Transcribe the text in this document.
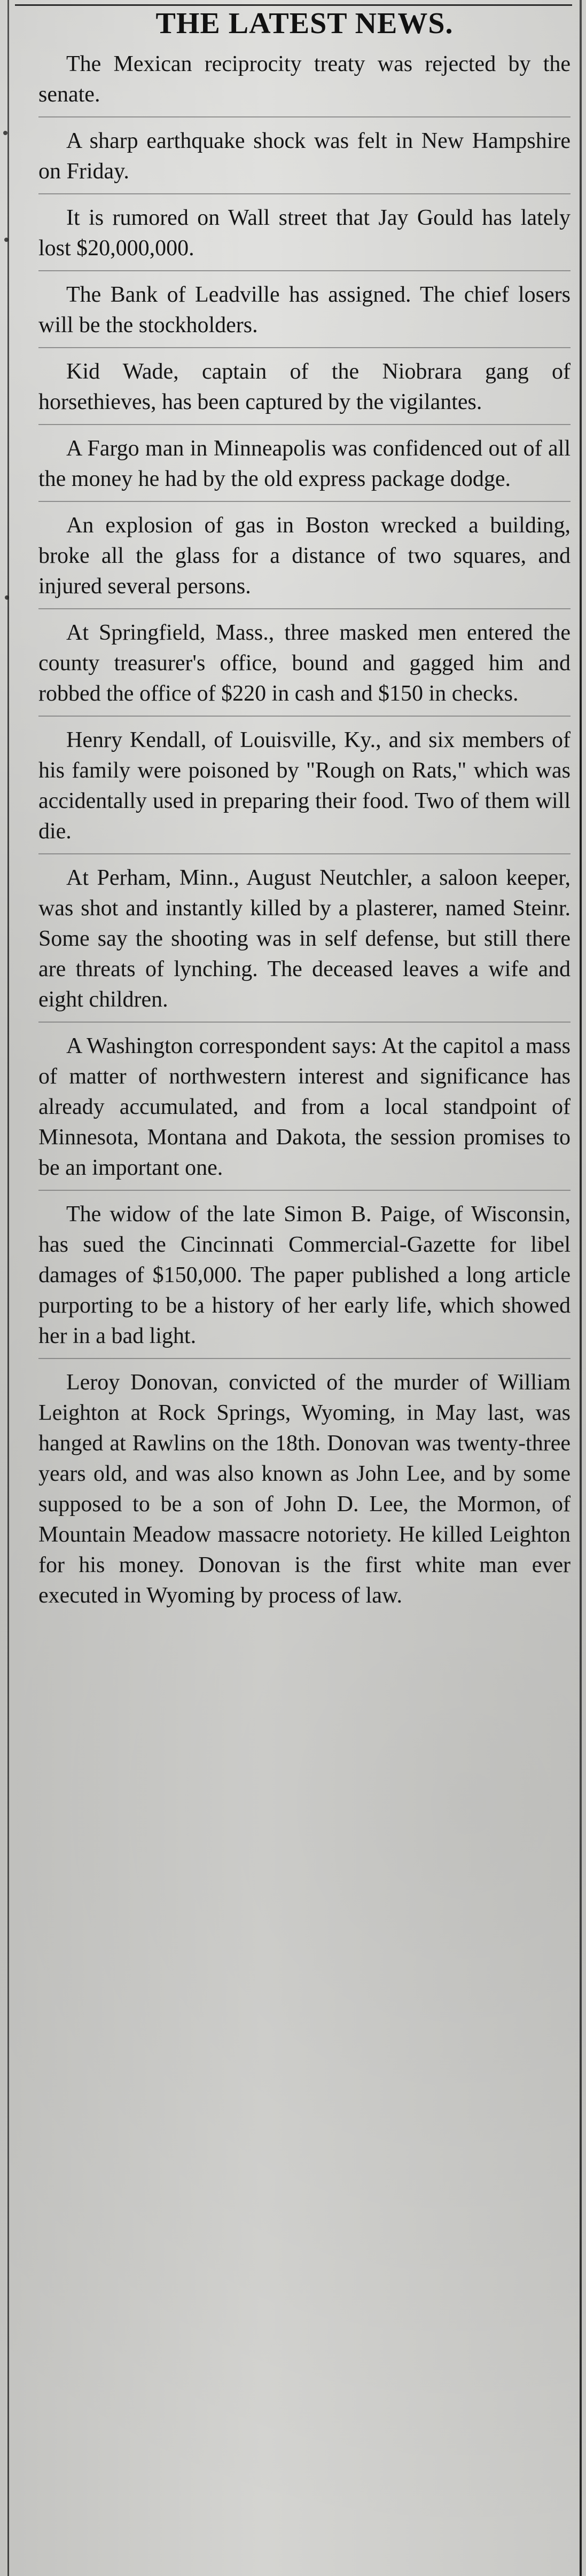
THE LATEST NEWS.

The Mexican reciprocity treaty was rejected by the senate.

A sharp earthquake shock was felt in New Hampshire on Friday.

It is rumored on Wall street that Jay Gould has lately lost $20,000,000.

The Bank of Leadville has assigned. The chief losers will be the stockholders.

Kid Wade, captain of the Niobrara gang of horsethieves, has been captured by the vigilantes.

A Fargo man in Minneapolis was confidenced out of all the money he had by the old express package dodge.

An explosion of gas in Boston wrecked a building, broke all the glass for a distance of two squares, and injured several persons.

At Springfield, Mass., three masked men entered the county treasurer's office, bound and gagged him and robbed the office of $220 in cash and $150 in checks.

Henry Kendall, of Louisville, Ky., and six members of his family were poisoned by "Rough on Rats," which was accidentally used in preparing their food. Two of them will die.

At Perham, Minn., August Neutchler, a saloon keeper, was shot and instantly killed by a plasterer, named Steinr. Some say the shooting was in self defense, but still there are threats of lynching. The deceased leaves a wife and eight children.

A Washington correspondent says: At the capitol a mass of matter of northwestern interest and significance has already accumulated, and from a local standpoint of Minnesota, Montana and Dakota, the session promises to be an important one.

The widow of the late Simon B. Paige, of Wisconsin, has sued the Cincinnati Commercial-Gazette for libel damages of $150,000. The paper published a long article purporting to be a history of her early life, which showed her in a bad light.

Leroy Donovan, convicted of the murder of William Leighton at Rock Springs, Wyoming, in May last, was hanged at Rawlins on the 18th. Donovan was twenty-three years old, and was also known as John Lee, and by some supposed to be a son of John D. Lee, the Mormon, of Mountain Meadow massacre notoriety. He killed Leighton for his money. Donovan is the first white man ever executed in Wyoming by process of law.
